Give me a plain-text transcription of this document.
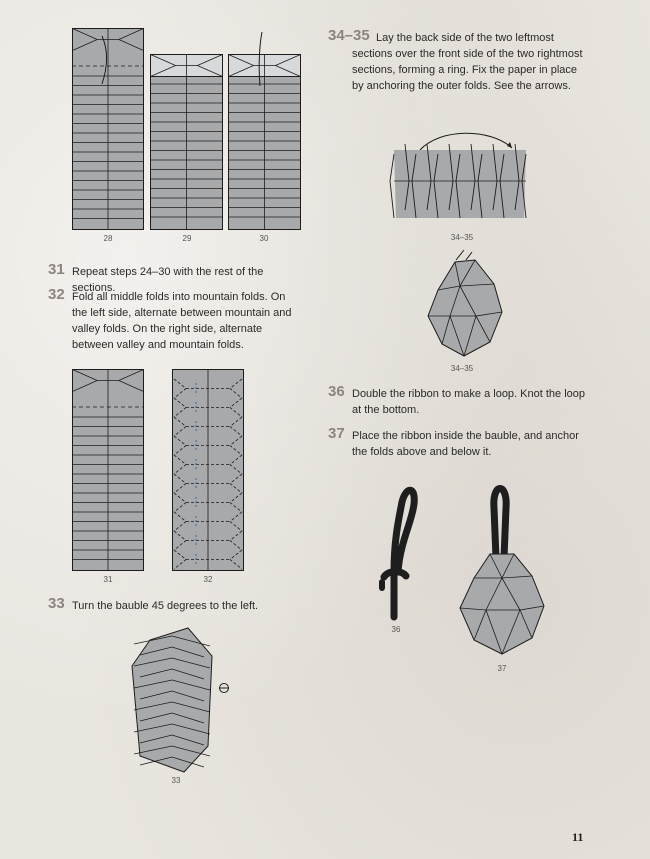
34–35 Lay the back side of the two leftmost sections over the front side of the two rightmost sections, forming a ring. Fix the paper in place by anchoring the outer folds. See the arrows.
31 Repeat steps 24–30 with the rest of the sections.
32 Fold all middle folds into mountain folds. On the left side, alternate between mountain and valley folds. On the right side, alternate between valley and mountain folds.
36 Double the ribbon to make a loop. Knot the loop at the bottom.
37 Place the ribbon inside the bauble, and anchor the folds above and below it.
33 Turn the bauble 45 degrees to the left.
28	29	30
31	32
34–35
34–35
33
36
37
11
